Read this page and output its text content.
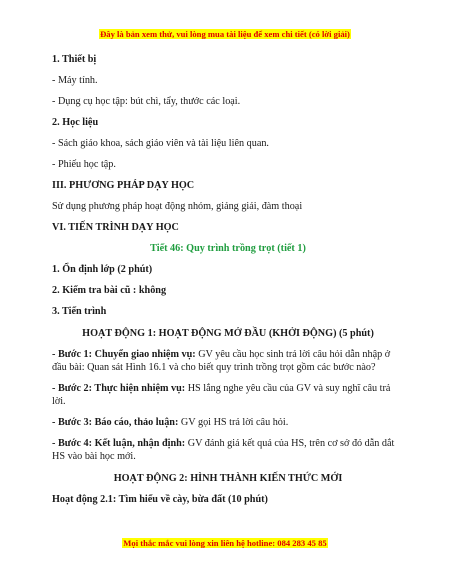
Đây là bản xem thử, vui lòng mua tài liệu để xem chi tiết (có lời giải)

1. Thiết bị

- Máy tính.

- Dụng cụ học tập: bút chì, tẩy, thước các loại.

2. Học liệu

- Sách giáo khoa, sách giáo viên và tài liệu liên quan.

- Phiếu học tập.

III. PHƯƠNG PHÁP DẠY HỌC

Sử dụng phương pháp hoạt động nhóm, giảng giải, đàm thoại

VI. TIẾN TRÌNH DẠY HỌC

Tiết 46: Quy trình trồng trọt (tiết 1)

1. Ổn định lớp (2 phút)

2. Kiểm tra bài cũ : không

3. Tiến trình

HOẠT ĐỘNG 1: HOẠT ĐỘNG MỞ ĐẦU (KHỞI ĐỘNG) (5 phút)

- Bước 1: Chuyển giao nhiệm vụ: GV yêu cầu học sinh trả lời câu hỏi dẫn nhập ở đầu bài: Quan sát Hình 16.1 và cho biết quy trình trồng trọt gồm các bước nào?

- Bước 2: Thực hiện nhiệm vụ: HS lắng nghe yêu cầu của GV và suy nghĩ câu trả lời.

- Bước 3: Báo cáo, thảo luận: GV gọi HS trả lời câu hỏi.

- Bước 4: Kết luận, nhận định: GV đánh giá kết quả của HS, trên cơ sở đó dẫn dắt HS vào bài học mới.

HOẠT ĐỘNG 2: HÌNH THÀNH KIẾN THỨC MỚI

Hoạt động 2.1: Tìm hiểu về cày, bừa đất (10 phút)

Mọi thắc mắc vui lòng xin liên hệ hotline: 084 283 45 85
